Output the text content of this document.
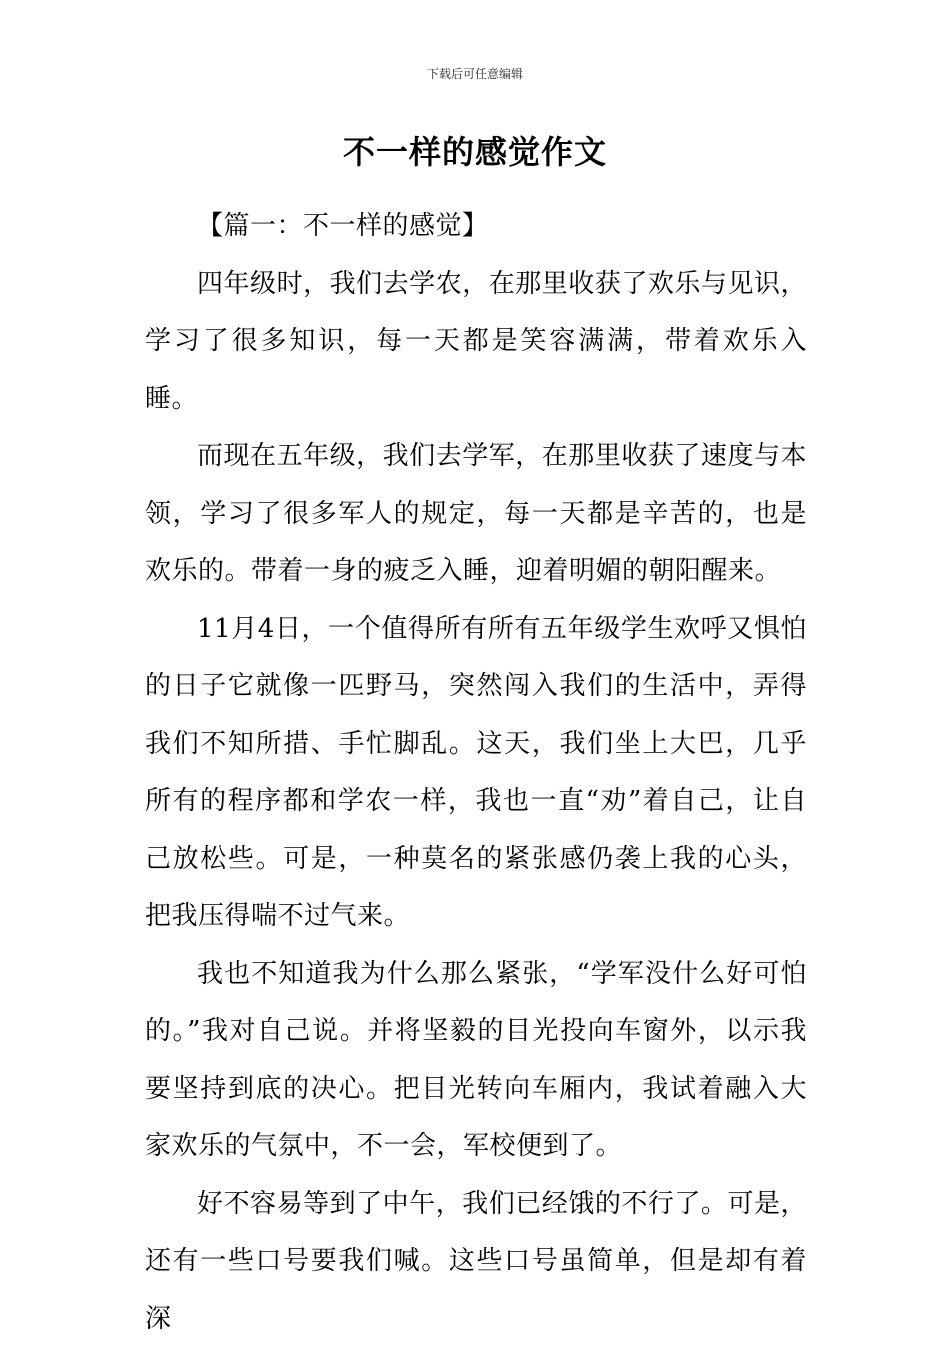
下载后可任意编辑
不一样的感觉作文

【篇一：不一样的感觉】

四年级时，我们去学农，在那里收获了欢乐与见识，学习了很多知识，每一天都是笑容满满，带着欢乐入睡。

而现在五年级，我们去学军，在那里收获了速度与本领，学习了很多军人的规定，每一天都是辛苦的，也是欢乐的。带着一身的疲乏入睡，迎着明媚的朝阳醒来。

11月4日，一个值得所有所有五年级学生欢呼又惧怕的日子它就像一匹野马，突然闯入我们的生活中，弄得我们不知所措、手忙脚乱。这天，我们坐上大巴，几乎所有的程序都和学农一样，我也一直“劝”着自己，让自己放松些。可是，一种莫名的紧张感仍袭上我的心头，把我压得喘不过气来。

我也不知道我为什么那么紧张，“学军没什么好可怕的。”我对自己说。并将坚毅的目光投向车窗外，以示我要坚持到底的决心。把目光转向车厢内，我试着融入大家欢乐的气氛中，不一会，军校便到了。

好不容易等到了中午，我们已经饿的不行了。可是，还有一些口号要我们喊。这些口号虽简单，但是却有着深
